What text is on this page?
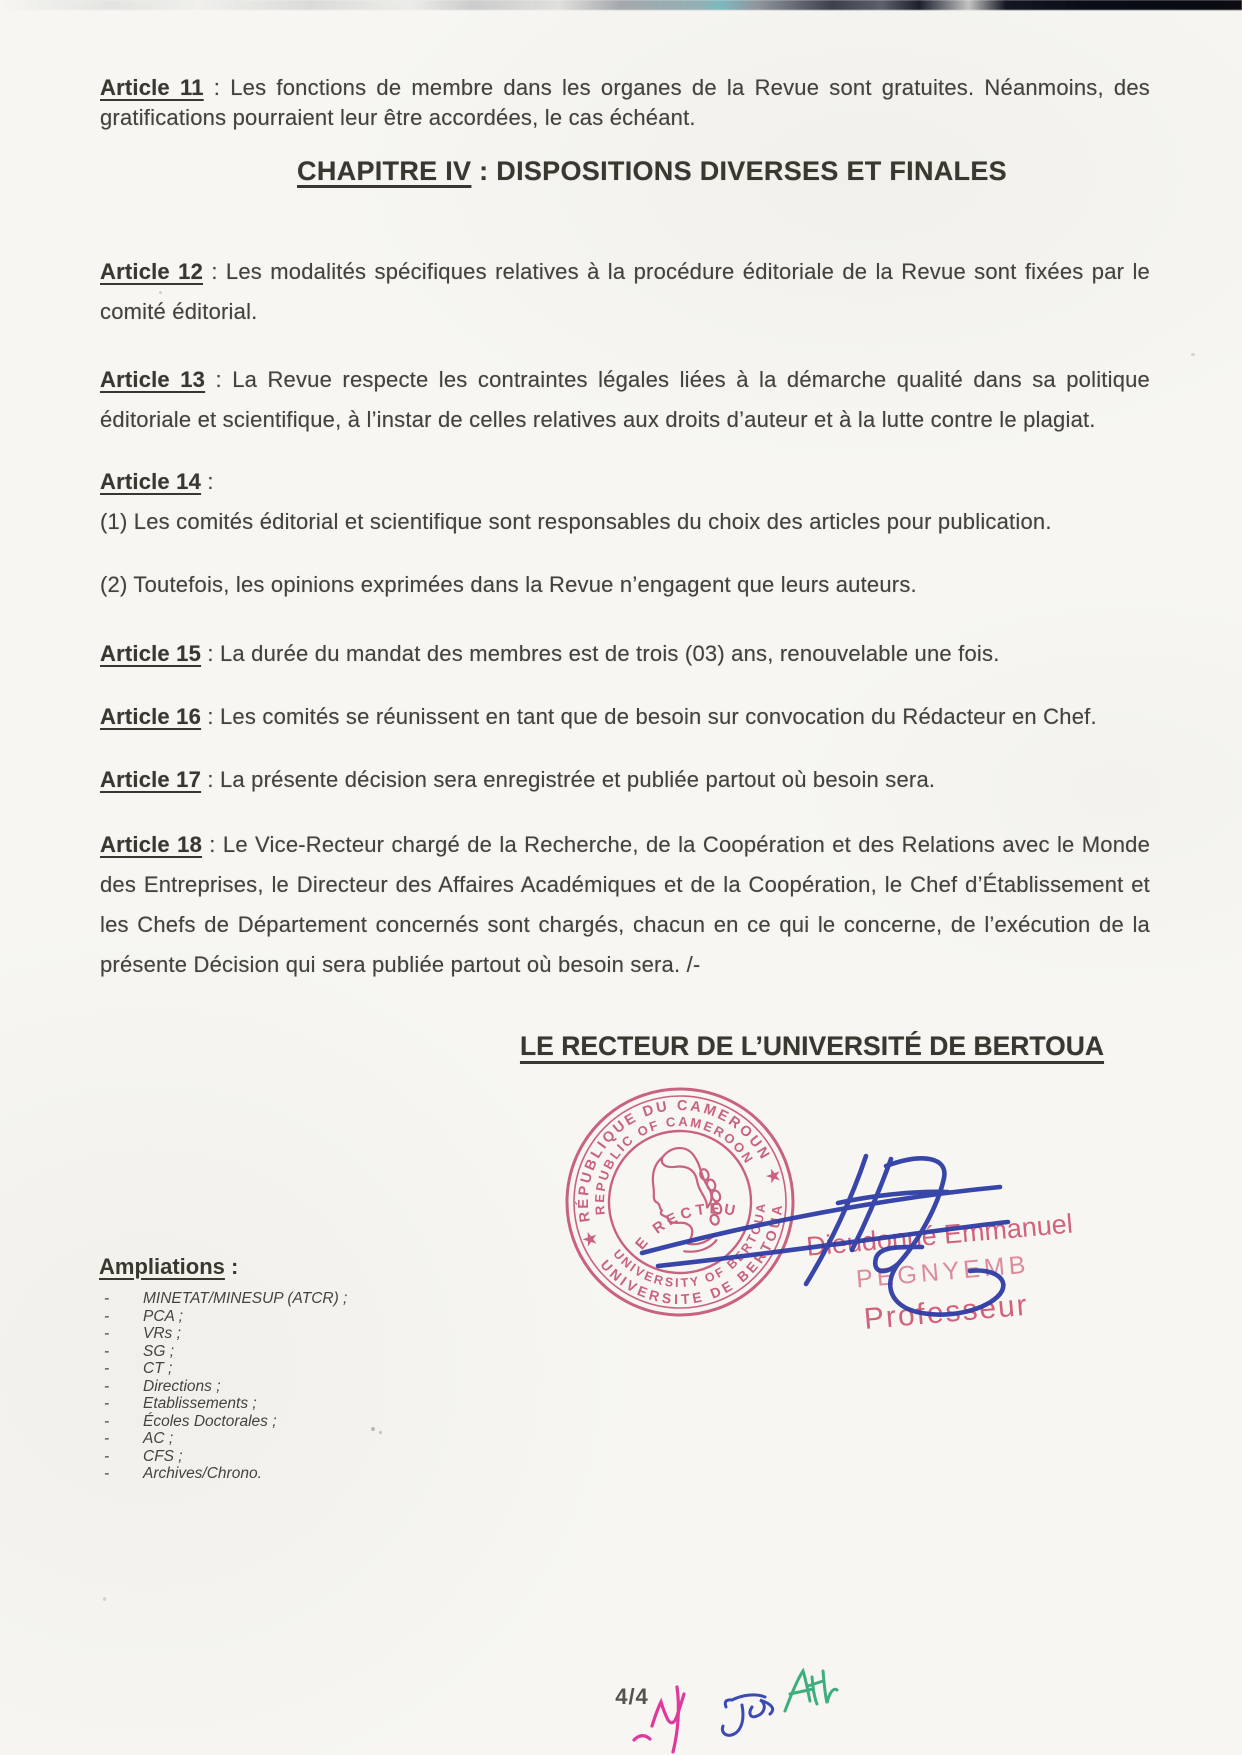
Article 11 : Les fonctions de membre dans les organes de la Revue sont gratuites. Néanmoins, des gratifications pourraient leur être accordées, le cas échéant.

CHAPITRE IV : DISPOSITIONS DIVERSES ET FINALES

Article 12 : Les modalités spécifiques relatives à la procédure éditoriale de la Revue sont fixées par le comité éditorial.

Article 13 : La Revue respecte les contraintes légales liées à la démarche qualité dans sa politique éditoriale et scientifique, à l’instar de celles relatives aux droits d’auteur et à la lutte contre le plagiat.

Article 14 :

(1) Les comités éditorial et scientifique sont responsables du choix des articles pour publication.

(2) Toutefois, les opinions exprimées dans la Revue n’engagent que leurs auteurs.

Article 15 : La durée du mandat des membres est de trois (03) ans, renouvelable une fois.

Article 16 : Les comités se réunissent en tant que de besoin sur convocation du Rédacteur en Chef.

Article 17 : La présente décision sera enregistrée et publiée partout où besoin sera.

Article 18 : Le Vice-Recteur chargé de la Recherche, de la Coopération et des Relations avec le Monde des Entreprises, le Directeur des Affaires Académiques et de la Coopération, le Chef d’Établissement et les Chefs de Département concernés sont chargés, chacun en ce qui le concerne, de l’exécution de la présente Décision qui sera publiée partout où besoin sera. /-

LE RECTEUR DE L’UNIVERSITÉ DE BERTOUA
RÉPUBLIQUE DU CAMEROUN
REPUBLIC OF CAMEROON
UNIVERSITE DE BERTOUA
UNIVERSITY OF BERTOUA
LE RECTEUR
★
★
Dieudonné Emmanuel
PEGNYEMB
Professeur
Ampliations :
-	MINETAT/MINESUP (ATCR) ;
-	PCA ;
-	VRs ;
-	SG ;
-	CT ;
-	Directions ;
-	Etablissements ;
-	Écoles Doctorales ;
-	AC ;
-	CFS ;
-	Archives/Chrono.
4/4
